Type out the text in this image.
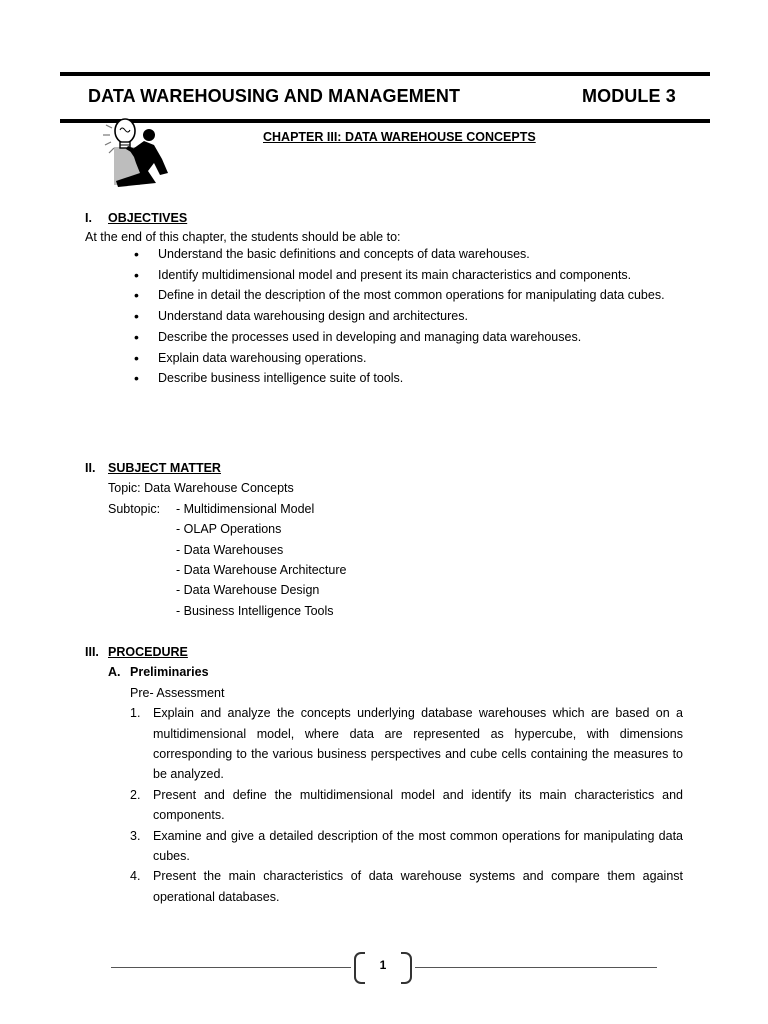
DATA WAREHOUSING AND MANAGEMENT	MODULE 3
CHAPTER III: DATA WAREHOUSE CONCEPTS
I. OBJECTIVES
At the end of this chapter, the students should be able to:
• Understand the basic definitions and concepts of data warehouses.
• Identify multidimensional model and present its main characteristics and components.
• Define in detail the description of the most common operations for manipulating data cubes.
• Understand data warehousing design and architectures.
• Describe the processes used in developing and managing data warehouses.
• Explain data warehousing operations.
• Describe business intelligence suite of tools.
II. SUBJECT MATTER
Topic: Data Warehouse Concepts
Subtopic:
-	Multidimensional Model
- OLAP Operations
- Data Warehouses
- Data Warehouse Architecture
- Data Warehouse Design
- Business Intelligence Tools
III. PROCEDURE
A. Preliminaries
Pre- Assessment
1. Explain and analyze the concepts underlying database warehouses which are based on a multidimensional model, where data are represented as hypercube, with dimensions corresponding to the various business perspectives and cube cells containing the measures to be analyzed.
2. Present and define the multidimensional model and identify its main characteristics and components.
3. Examine and give a detailed description of the most common operations for manipulating data cubes.
4. Present the main characteristics of data warehouse systems and compare them against operational databases.
1
